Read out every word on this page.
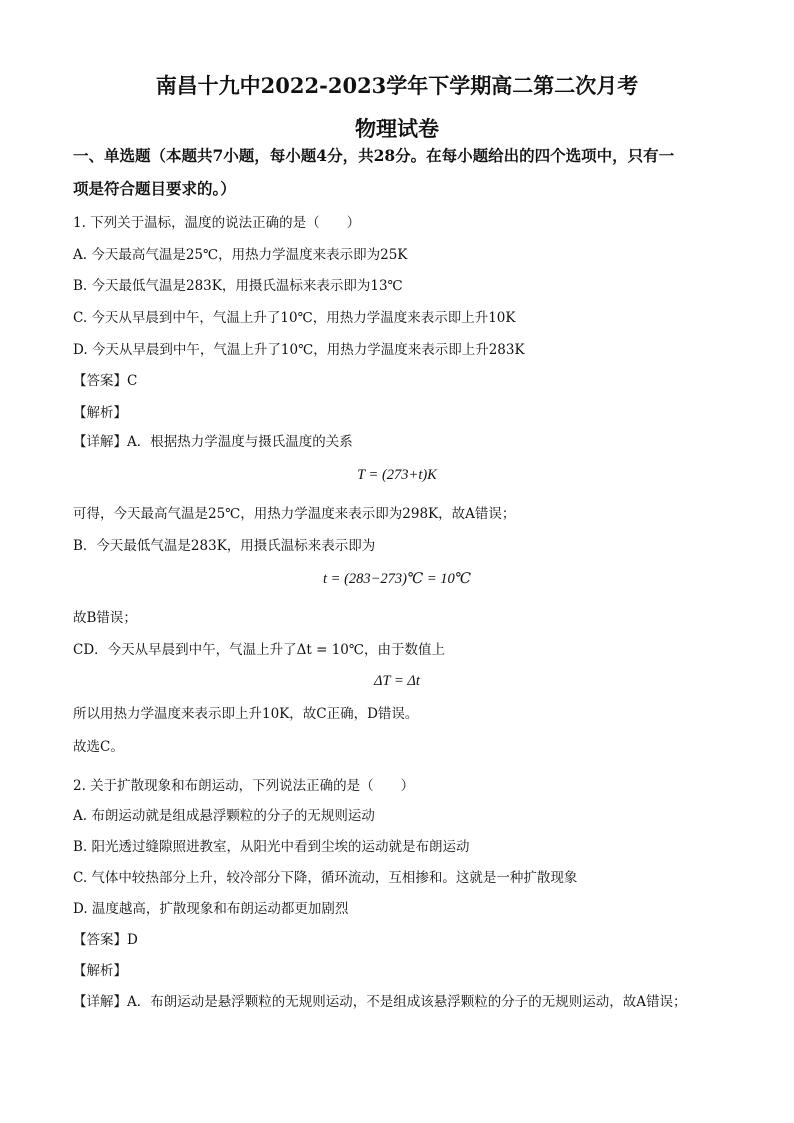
南昌十九中2022-2023学年下学期高二第二次月考
物理试卷
一、单选题（本题共7小题，每小题4分，共28分。在每小题给出的四个选项中，只有一
项是符合题目要求的。）
1. 下列关于温标，温度的说法正确的是（　　）
A. 今天最高气温是25℃，用热力学温度来表示即为25K
B. 今天最低气温是283K，用摄氏温标来表示即为13℃
C. 今天从早晨到中午，气温上升了10℃，用热力学温度来表示即上升10K
D. 今天从早晨到中午，气温上升了10℃，用热力学温度来表示即上升283K
【答案】C
【解析】
【详解】A．根据热力学温度与摄氏温度的关系
T = (273+t)K
可得，今天最高气温是25℃，用热力学温度来表示即为298K，故A错误；
B．今天最低气温是283K，用摄氏温标来表示即为
t = (283−273)℃ = 10℃
故B错误；
CD．今天从早晨到中午，气温上升了Δt = 10℃，由于数值上
ΔT = Δt
所以用热力学温度来表示即上升10K，故C正确，D错误。
故选C。
2. 关于扩散现象和布朗运动，下列说法正确的是（　　）
A. 布朗运动就是组成悬浮颗粒的分子的无规则运动
B. 阳光透过缝隙照进教室，从阳光中看到尘埃的运动就是布朗运动
C. 气体中较热部分上升，较冷部分下降，循环流动，互相掺和。这就是一种扩散现象
D. 温度越高，扩散现象和布朗运动都更加剧烈
【答案】D
【解析】
【详解】A．布朗运动是悬浮颗粒的无规则运动，不是组成该悬浮颗粒的分子的无规则运动，故A错误；
